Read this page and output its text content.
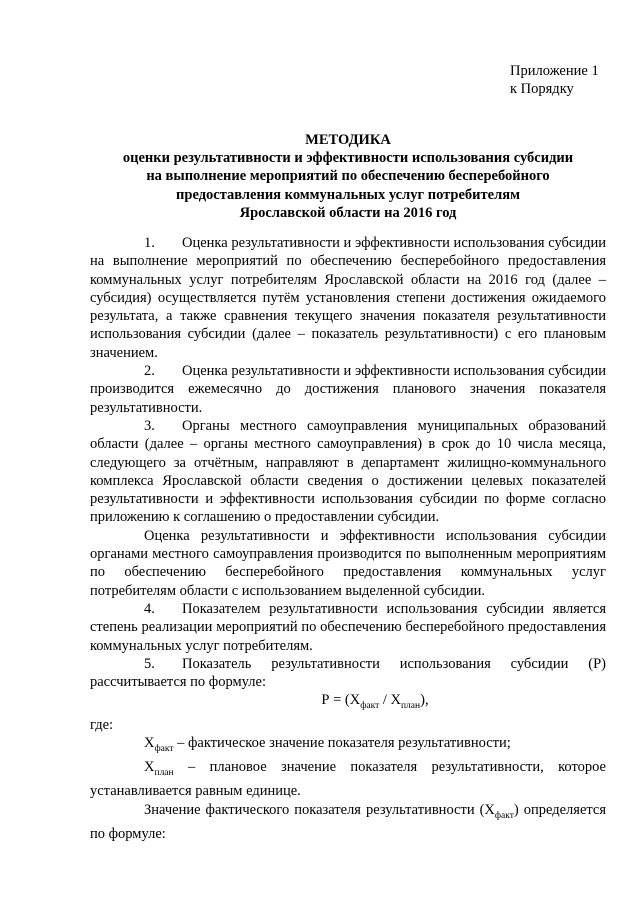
Приложение 1
к Порядку
МЕТОДИКА
оценки результативности и эффективности использования субсидии
на выполнение мероприятий по обеспечению бесперебойного
предоставления коммунальных услуг потребителям
Ярославской области на 2016 год

1. Оценка результативности и эффективности использования субсидии на выполнение мероприятий по обеспечению бесперебойного предоставления коммунальных услуг потребителям Ярославской области на 2016 год (далее – субсидия) осуществляется путём установления степени достижения ожидаемого результата, а также сравнения текущего значения показателя результативности использования субсидии (далее – показатель результативности) с его плановым значением.

2. Оценка результативности и эффективности использования субсидии производится ежемесячно до достижения планового значения показателя результативности.

3. Органы местного самоуправления муниципальных образований области (далее – органы местного самоуправления) в срок до 10 числа месяца, следующего за отчётным, направляют в департамент жилищно-коммунального комплекса Ярославской области сведения о достижении целевых показателей результативности и эффективности использования субсидии по форме согласно приложению к соглашению о предоставлении субсидии.

Оценка результативности и эффективности использования субсидии органами местного самоуправления производится по выполненным мероприятиям по обеспечению бесперебойного предоставления коммунальных услуг потребителям области с использованием выделенной субсидии.

4. Показателем результативности использования субсидии является степень реализации мероприятий по обеспечению бесперебойного предоставления коммунальных услуг потребителям.

5. Показатель результативности использования субсидии (Р) рассчитывается по формуле:

$Р = (Х_{факт} / Х_{план})$,

где:

$Х_{факт}$ – фактическое значение показателя результативности;

$Х_{план}$ – плановое значение показателя результативности, которое устанавливается равным единице.

Значение фактического показателя результативности $(Х_{факт})$ определяется по формуле:
